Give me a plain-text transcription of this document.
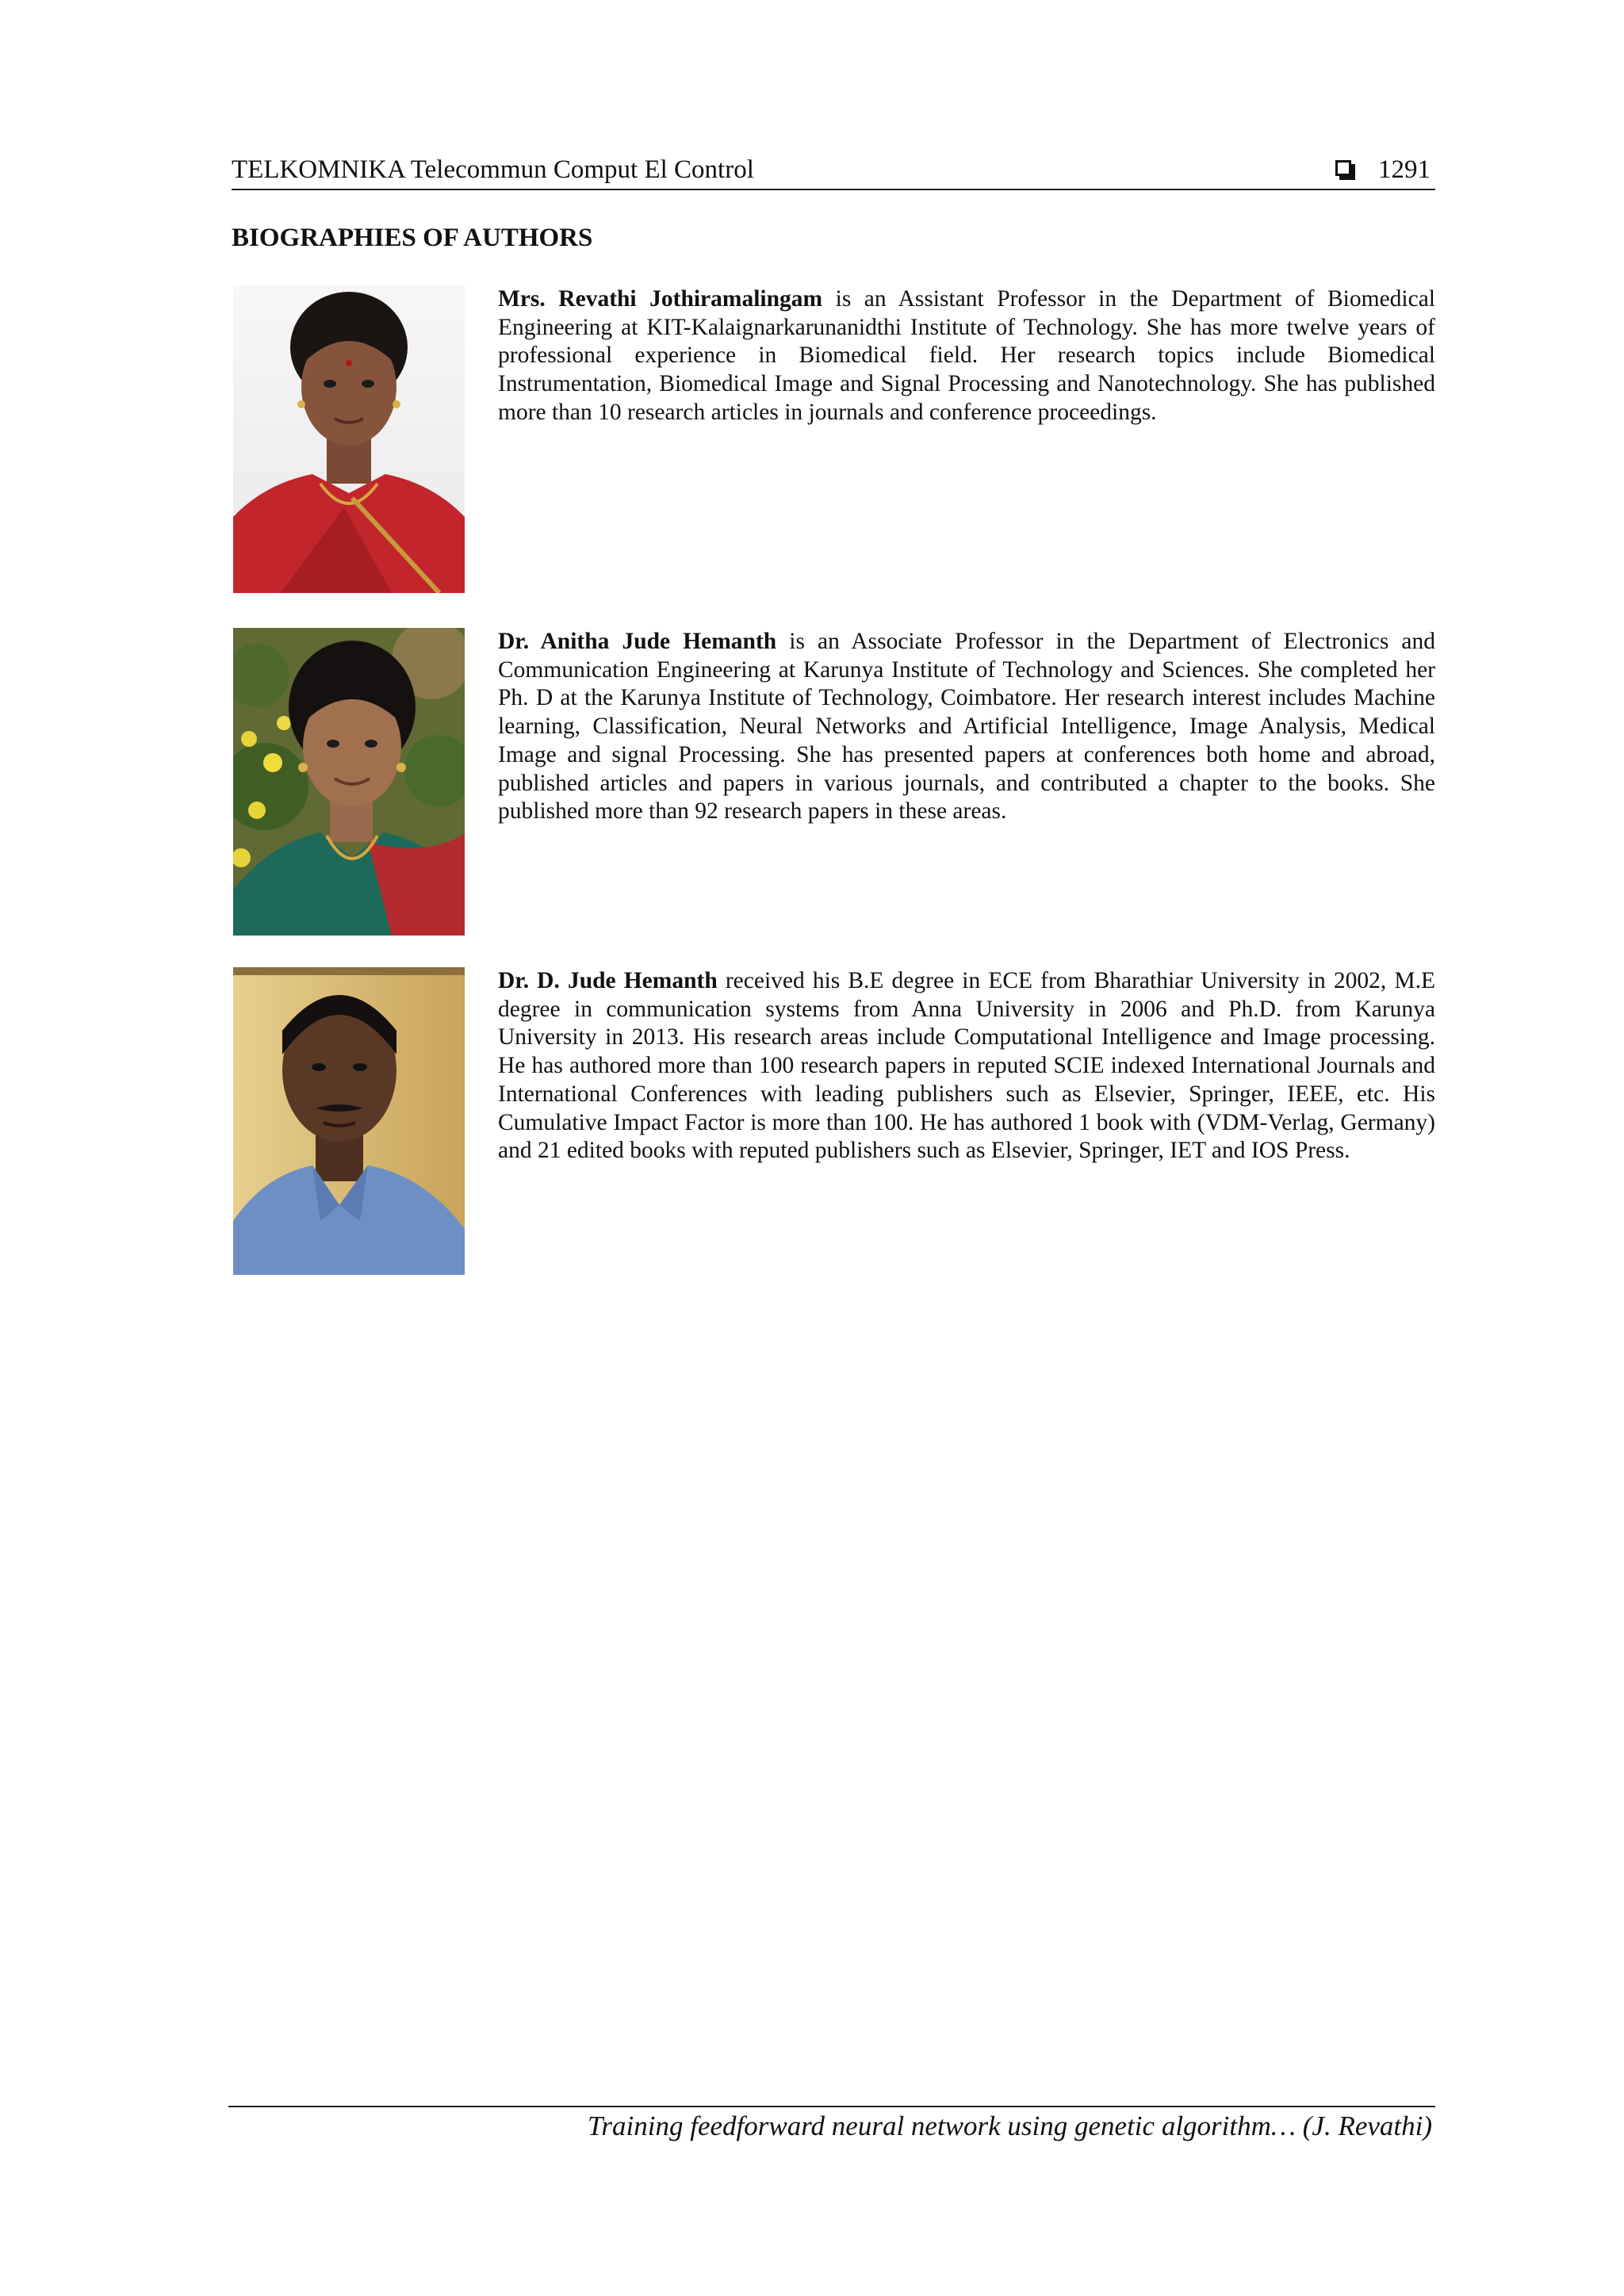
TELKOMNIKA Telecommun Comput El Control	1291
BIOGRAPHIES OF AUTHORS

Mrs. Revathi Jothiramalingam is an Assistant Professor in the Department of Biomedical Engineering at KIT-Kalaignarkarunanidthi Institute of Technology. She has more twelve years of professional experience in Biomedical field. Her research topics include Biomedical Instrumentation, Biomedical Image and Signal Processing and Nanotechnology. She has published more than 10 research articles in journals and conference proceedings.

Dr. Anitha Jude Hemanth is an Associate Professor in the Department of Electronics and Communication Engineering at Karunya Institute of Technology and Sciences. She completed her Ph. D at the Karunya Institute of Technology, Coimbatore. Her research interest includes Machine learning, Classification, Neural Networks and Artificial Intelligence, Image Analysis, Medical Image and signal Processing. She has presented papers at conferences both home and abroad, published articles and papers in various journals, and contributed a chapter to the books. She published more than 92 research papers in these areas.

Dr. D. Jude Hemanth received his B.E degree in ECE from Bharathiar University in 2002, M.E degree in communication systems from Anna University in 2006 and Ph.D. from Karunya University in 2013. His research areas include Computational Intelligence and Image processing. He has authored more than 100 research papers in reputed SCIE indexed International Journals and International Conferences with leading publishers such as Elsevier, Springer, IEEE, etc. His Cumulative Impact Factor is more than 100. He has authored 1 book with (VDM-Verlag, Germany) and 21 edited books with reputed publishers such as Elsevier, Springer, IET and IOS Press.

Training feedforward neural network using genetic algorithm… (J. Revathi)
